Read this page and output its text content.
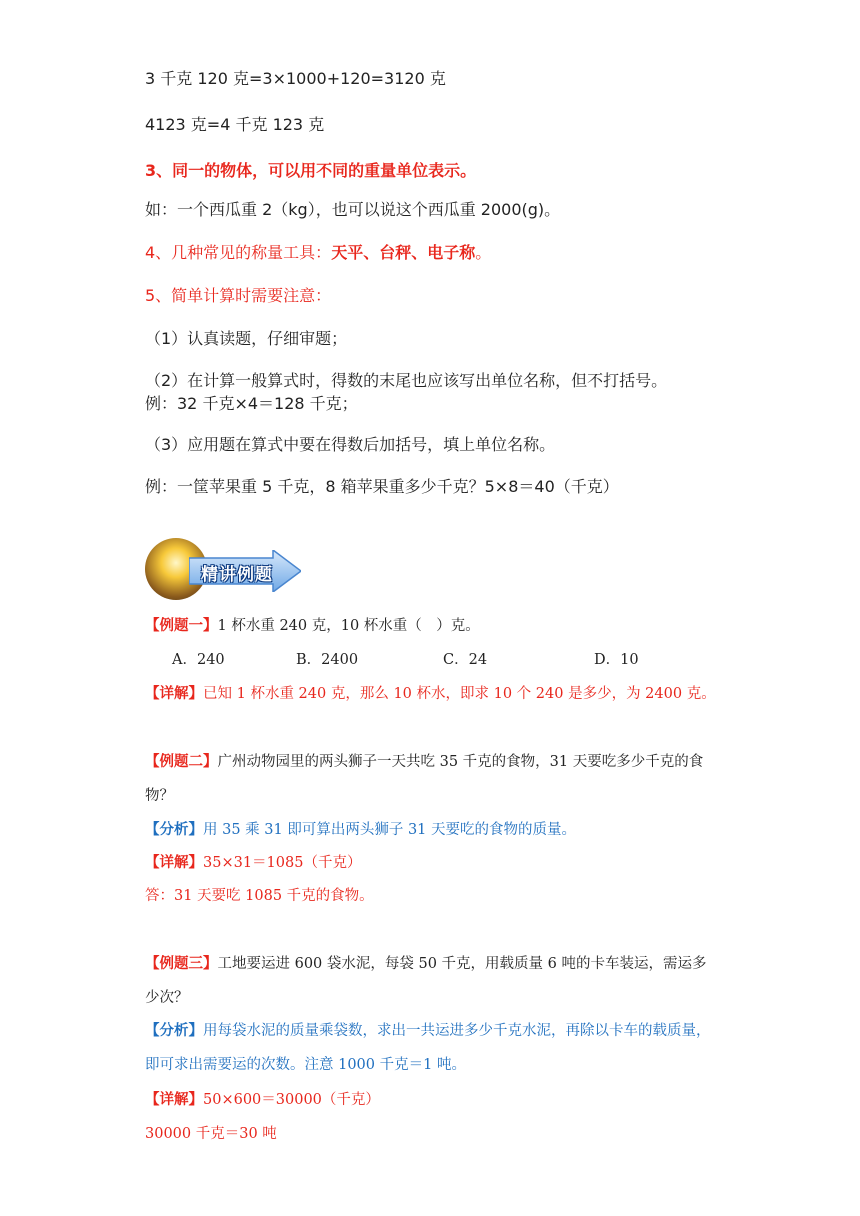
3 千克 120 克=3×1000+120=3120 克
4123 克=4 千克 123 克
3、同一的物体，可以用不同的重量单位表示。
如：一个西瓜重 2（kg），也可以说这个西瓜重 2000(g)。
4、几种常见的称量工具：天平、台秤、电子称。
5、简单计算时需要注意：
（1）认真读题，仔细审题；
（2）在计算一般算式时，得数的末尾也应该写出单位名称，但不打括号。
例：32 千克×4＝128 千克；
（3）应用题在算式中要在得数后加括号，填上单位名称。
例：一筐苹果重 5 千克，8 箱苹果重多少千克？5×8＝40（千克）
精讲例题
【例题一】1 杯水重 240 克，10 杯水重（　）克。
A．240	B．2400	C．24	D．10
【详解】已知 1 杯水重 240 克，那么 10 杯水，即求 10 个 240 是多少，为 2400 克。
【例题二】广州动物园里的两头狮子一天共吃 35 千克的食物，31 天要吃多少千克的食
物？
【分析】用 35 乘 31 即可算出两头狮子 31 天要吃的食物的质量。
【详解】35×31＝1085（千克）
答：31 天要吃 1085 千克的食物。
【例题三】工地要运进 600 袋水泥，每袋 50 千克，用载质量 6 吨的卡车装运，需运多
少次？
【分析】用每袋水泥的质量乘袋数，求出一共运进多少千克水泥，再除以卡车的载质量，
即可求出需要运的次数。注意 1000 千克＝1 吨。
【详解】50×600＝30000（千克）
30000 千克＝30 吨
